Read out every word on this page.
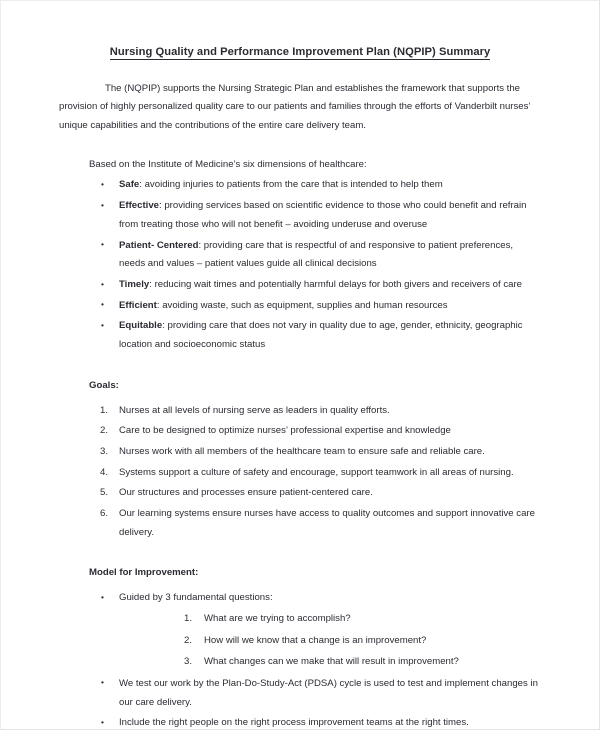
Nursing Quality and Performance Improvement Plan (NQPIP) Summary

The (NQPIP) supports the Nursing Strategic Plan and establishes the framework that supports the provision of highly personalized quality care to our patients and families through the efforts of Vanderbilt nurses’ unique capabilities and the contributions of the entire care delivery team.

Based on the Institute of Medicine’s six dimensions of healthcare:
• Safe: avoiding injuries to patients from the care that is intended to help them
• Effective: providing services based on scientific evidence to those who could benefit and refrain from treating those who will not benefit – avoiding underuse and overuse
• Patient- Centered: providing care that is respectful of and responsive to patient preferences, needs and values – patient values guide all clinical decisions
• Timely: reducing wait times and potentially harmful delays for both givers and receivers of care
• Efficient: avoiding waste, such as equipment, supplies and human resources
• Equitable: providing care that does not vary in quality due to age, gender, ethnicity, geographic location and socioeconomic status
Goals:
Nurses at all levels of nursing serve as leaders in quality efforts.
Care to be designed to optimize nurses’ professional expertise and knowledge
Nurses work with all members of the healthcare team to ensure safe and reliable care.
Systems support a culture of safety and encourage, support teamwork in all areas of nursing.
Our structures and processes ensure patient-centered care.
Our learning systems ensure nurses have access to quality outcomes and support innovative care delivery.
Model for Improvement:
• Guided by 3 fundamental questions:
What are we trying to accomplish?
How will we know that a change is an improvement?
What changes can we make that will result in improvement?
• We test our work by the Plan-Do-Study-Act (PDSA) cycle is used to test and implement changes in our care delivery.
• Include the right people on the right process improvement teams at the right times.
